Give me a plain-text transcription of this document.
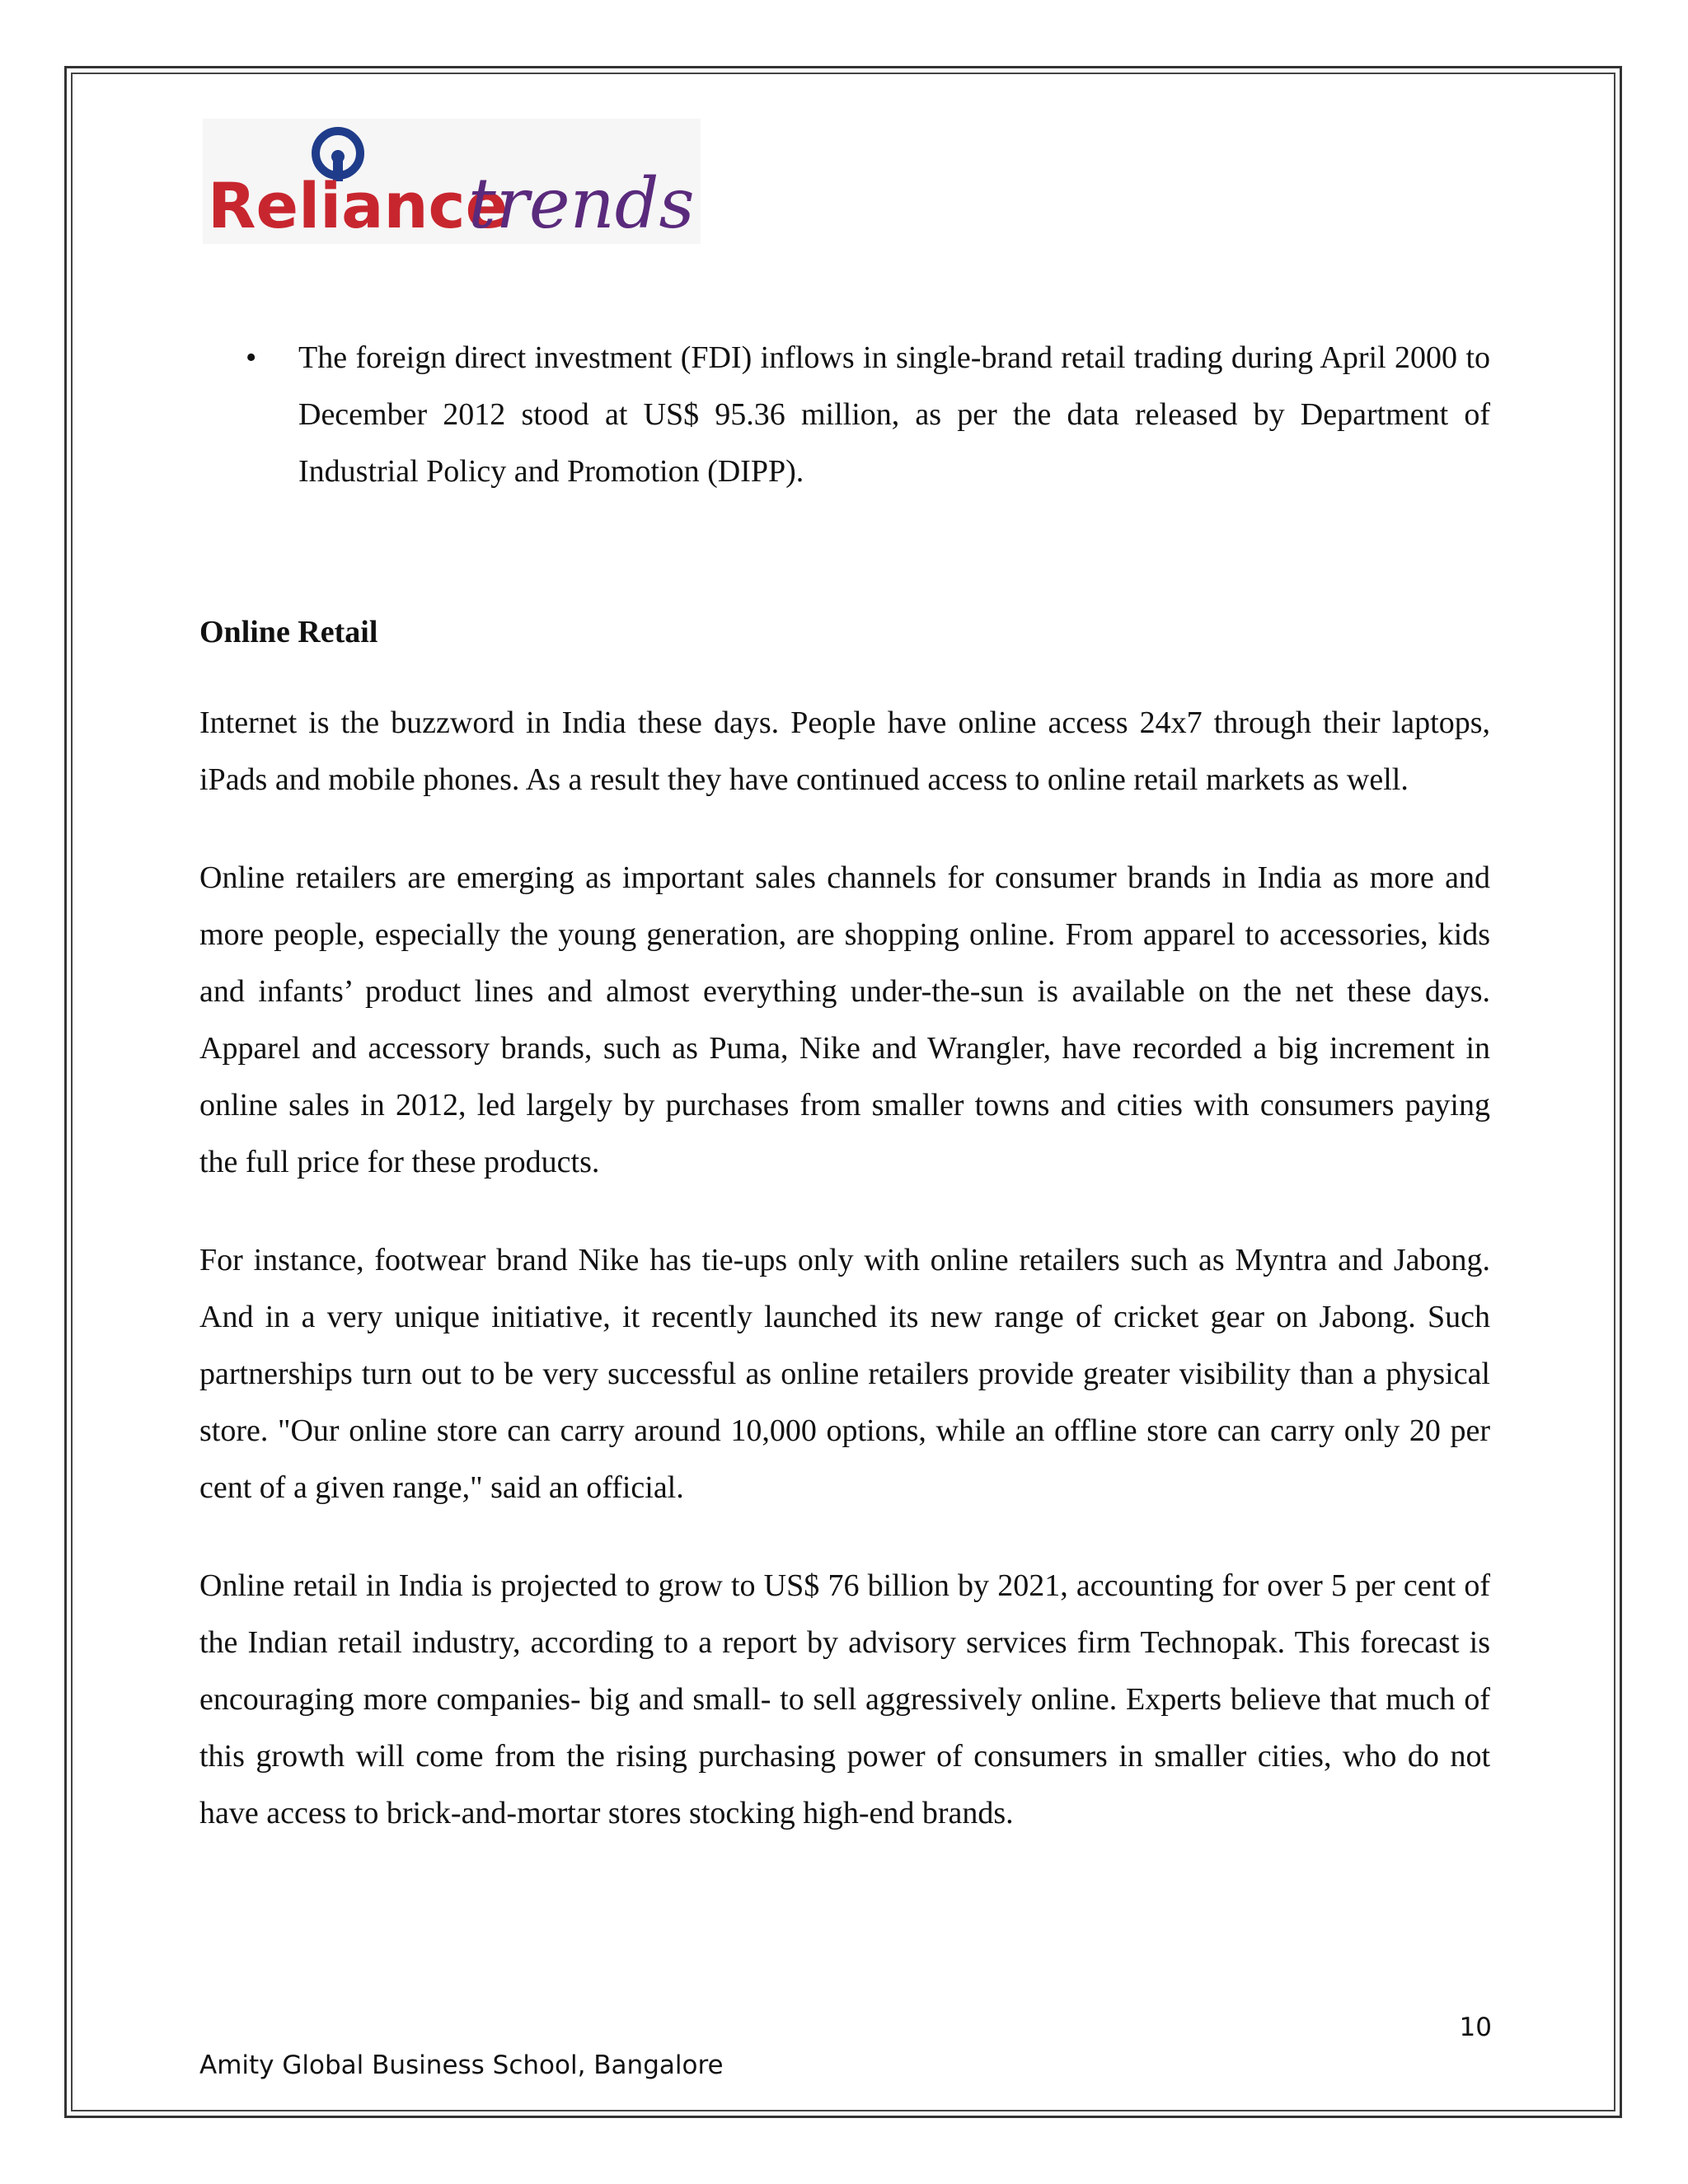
Reliance
trends
• The foreign direct investment (FDI) inflows in single-brand retail trading during April 2000 to December 2012 stood at US$ 95.36 million, as per the data released by Department of Industrial Policy and Promotion (DIPP).
Online Retail

Internet is the buzzword in India these days. People have online access 24x7 through their laptops, iPads and mobile phones. As a result they have continued access to online retail markets as well.

Online retailers are emerging as important sales channels for consumer brands in India as more and more people, especially the young generation, are shopping online. From apparel to accessories, kids and infants’ product lines and almost everything under-the-sun is available on the net these days. Apparel and accessory brands, such as Puma, Nike and Wrangler, have recorded a big increment in online sales in 2012, led largely by purchases from smaller towns and cities with consumers paying the full price for these products.

For instance, footwear brand Nike has tie-ups only with online retailers such as Myntra and Jabong. And in a very unique initiative, it recently launched its new range of cricket gear on Jabong. Such partnerships turn out to be very successful as online retailers provide greater visibility than a physical store. "Our online store can carry around 10,000 options, while an offline store can carry only 20 per cent of a given range," said an official.

Online retail in India is projected to grow to US$ 76 billion by 2021, accounting for over 5 per cent of the Indian retail industry, according to a report by advisory services firm Technopak. This forecast is encouraging more companies- big and small- to sell aggressively online. Experts believe that much of this growth will come from the rising purchasing power of consumers in smaller cities, who do not have access to brick-and-mortar stores stocking high-end brands.

10
Amity Global Business School, Bangalore
